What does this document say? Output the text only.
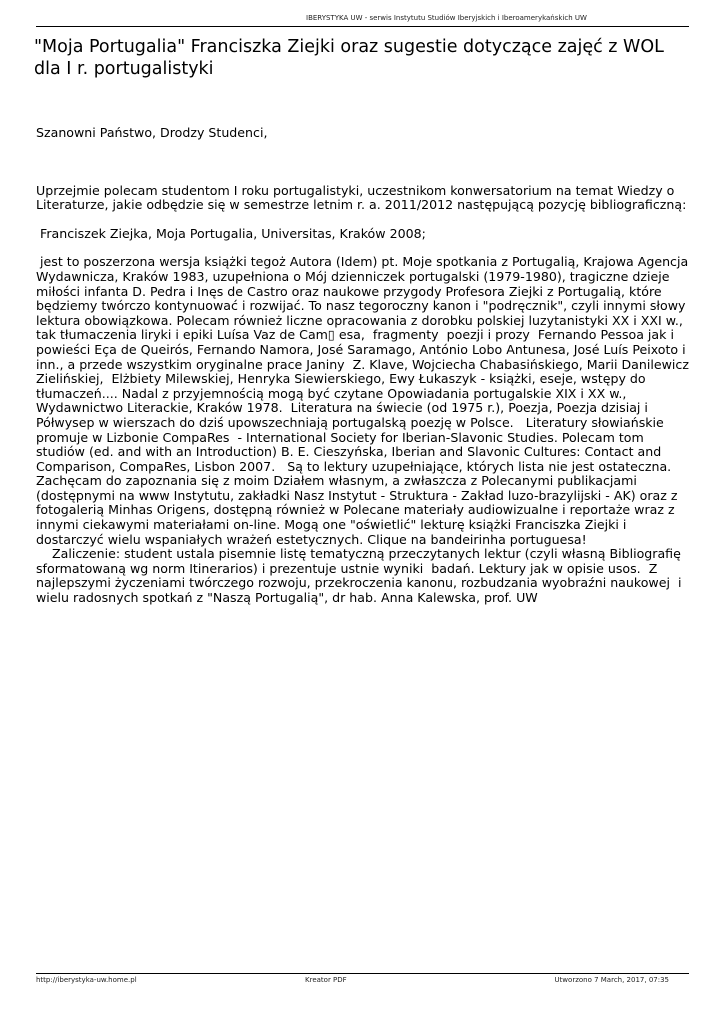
IBERYSTYKA UW - serwis Instytutu Studiów Iberyjskich i Iberoamerykańskich UW
"Moja Portugalia" Franciszka Ziejki oraz sugestie dotyczące zajęć z WOL dla I r. portugalistyki

Szanowni Państwo, Drodzy Studenci,

Uprzejmie polecam studentom I roku portugalistyki, uczestnikom konwersatorium na temat Wiedzy o Literaturze, jakie odbędzie się w semestrze letnim r. a. 2011/2012 następującą pozycję bibliograficzną:

Franciszek Ziejka, Moja Portugalia, Universitas, Kraków 2008;

jest to poszerzona wersja książki tegoż Autora (Idem) pt. Moje spotkania z Portugalią, Krajowa Agencja Wydawnicza, Kraków 1983, uzupełniona o Mój dzienniczek portugalski (1979-1980), tragiczne dzieje miłości infanta D. Pedra i Inęs de Castro oraz naukowe przygody Profesora Ziejki z Portugalią, które będziemy twórczo kontynuować i rozwijać. To nasz tegoroczny kanon i "podręcznik", czyli innymi słowy lektura obowiązkowa. Polecam również liczne opracowania z dorobku polskiej luzytanistyki XX i XXI w., tak tłumaczenia liryki i epiki Luísa Vaz de Cam▯ esa,  fragmenty  poezji i prozy  Fernando Pessoa jak i powieści Eça de Queirós, Fernando Namora, José Saramago, António Lobo Antunesa, José Luís Peixoto i inn., a przede wszystkim oryginalne prace Janiny  Z. Klave, Wojciecha Chabasińskiego, Marii Danilewicz Zielińskiej,  Elżbiety Milewskiej, Henryka Siewierskiego, Ewy Łukaszyk - książki, eseje, wstępy do tłumaczeń.... Nadal z przyjemnością mogą być czytane Opowiadania portugalskie XIX i XX w., Wydawnictwo Literackie, Kraków 1978.  Literatura na świecie (od 1975 r.), Poezja, Poezja dzisiaj i Półwysep w wierszach do dziś upowszechniają portugalską poezję w Polsce.   Literatury słowiańskie promuje w Lizbonie CompaRes  - International Society for Iberian-Slavonic Studies. Polecam tom studiów (ed. and with an Introduction) B. E. Cieszyńska, Iberian and Slavonic Cultures: Contact and Comparison, CompaRes, Lisbon 2007.   Są to lektury uzupełniające, których lista nie jest ostateczna.  Zachęcam do zapoznania się z moim Działem własnym, a zwłaszcza z Polecanymi publikacjami (dostępnymi na www Instytutu, zakładki Nasz Instytut - Struktura - Zakład luzo-brazylijski - AK) oraz z fotogalerią Minhas Origens, dostępną również w Polecane materiały audiowizualne i reportaże wraz z innymi ciekawymi materiałami on-line. Mogą one "oświetlić" lekturę książki Franciszka Ziejki i dostarczyć wielu wspaniałych wrażeń estetycznych. Clique na bandeirinha portuguesa!

Zaliczenie: student ustala pisemnie listę tematyczną przeczytanych lektur (czyli własną Bibliografię sformatowaną wg norm Itinerarios) i prezentuje ustnie wyniki  badań. Lektury jak w opisie usos.  Z najlepszymi życzeniami twórczego rozwoju, przekroczenia kanonu, rozbudzania wyobraźni naukowej  i wielu radosnych spotkań z "Naszą Portugalią", dr hab. Anna Kalewska, prof. UW

http://iberystyka-uw.home.pl	Kreator PDF	Utworzono 7 March, 2017, 07:35
